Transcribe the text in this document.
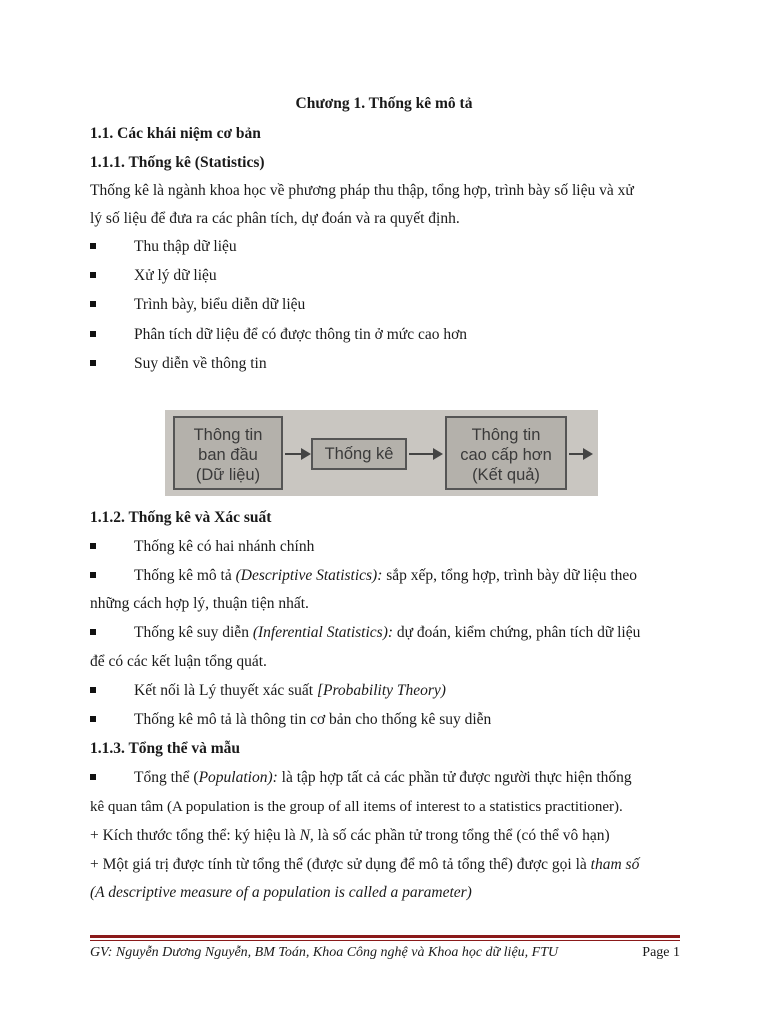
Chương 1. Thống kê mô tả
1.1. Các khái niệm cơ bản
1.1.1. Thống kê (Statistics)
Thống kê là ngành khoa học về phương pháp thu thập, tổng hợp, trình bày số liệu và xử
lý số liệu để đưa ra các phân tích, dự đoán và ra quyết định.
Thu thập dữ liệu
Xử lý dữ liệu
Trình bày, biểu diễn dữ liệu
Phân tích dữ liệu để có được thông tin ở mức cao hơn
Suy diễn về thông tin
Thông tin
ban đầu
(Dữ liệu)
Thống kê
Thông tin
cao cấp hơn
(Kết quả)
1.1.2. Thống kê và Xác suất
Thống kê có hai nhánh chính
Thống kê mô tả (Descriptive Statistics): sắp xếp, tổng hợp, trình bày dữ liệu theo
những cách hợp lý, thuận tiện nhất.
Thống kê suy diễn (Inferential Statistics): dự đoán, kiểm chứng, phân tích dữ liệu
để có các kết luận tổng quát.
Kết nối là Lý thuyết xác suất [Probability Theory)
Thống kê mô tả là thông tin cơ bản cho thống kê suy diễn
1.1.3. Tổng thể và mẫu
Tổng thể (Population): là tập hợp tất cả các phần tử được người thực hiện thống
kê quan tâm (A population is the group of all items of interest to a statistics practitioner).
+ Kích thước tổng thể: ký hiệu là N, là số các phần tử trong tổng thể (có thể vô hạn)
+ Một giá trị được tính từ tổng thể (được sử dụng để mô tả tổng thể) được gọi là tham số
(A descriptive measure of a population is called a parameter)
GV: Nguyễn Dương Nguyễn, BM Toán, Khoa Công nghệ và Khoa học dữ liệu, FTU	Page 1
